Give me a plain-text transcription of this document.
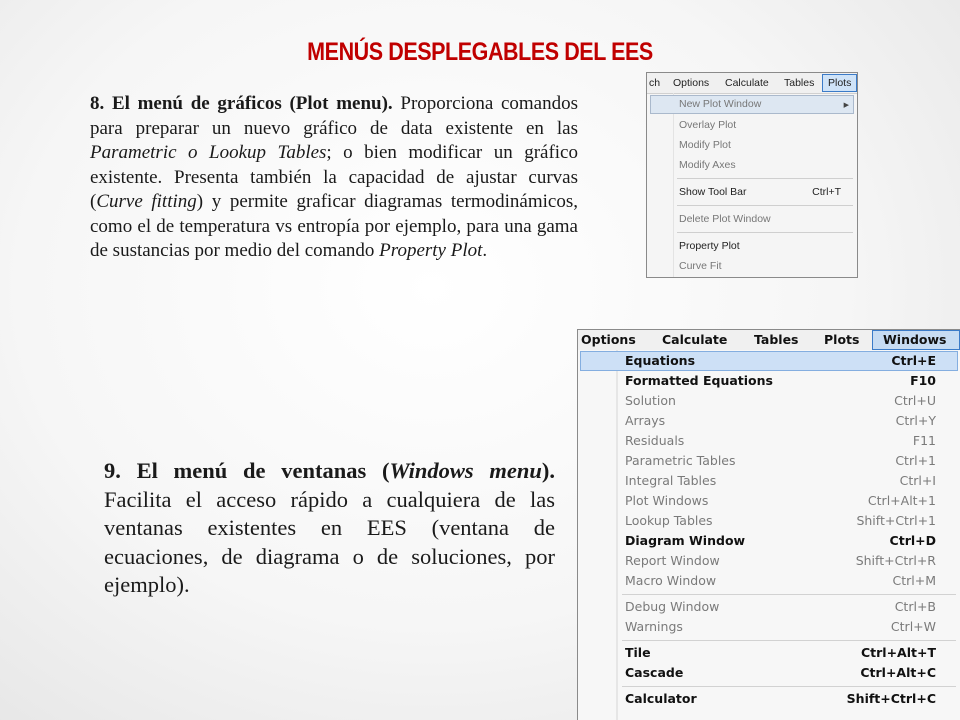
MENÚS DESPLEGABLES DEL EES
8. El menú de gráficos (Plot menu). Proporciona comandos para preparar un nuevo gráfico de data existente en las Parametric o Lookup Tables; o bien modificar un gráfico existente. Presenta también la capacidad de ajustar curvas (Curve fitting) y permite graficar diagramas termodinámicos, como el de temperatura vs entropía por ejemplo, para una gama de sustancias por medio del comando Property Plot.
9. El menú de ventanas (Windows menu). Facilita el acceso rápido a cualquiera de las ventanas existentes en EES (ventana de ecuaciones, de diagrama o de soluciones, por ejemplo).
ch Options Calculate Tables	Plots
New Plot Window	▶
Overlay Plot
Modify Plot
Modify Axes
Show Tool Bar	Ctrl+T
Delete Plot Window
Property Plot
Curve Fit
Options Calculate Tables Plots	Windows
Equations	Ctrl+E
Formatted Equations	F10
Solution	Ctrl+U
Arrays	Ctrl+Y
Residuals	F11
Parametric Tables	Ctrl+1
Integral Tables	Ctrl+I
Plot Windows	Ctrl+Alt+1
Lookup Tables	Shift+Ctrl+1
Diagram Window	Ctrl+D
Report Window	Shift+Ctrl+R
Macro Window	Ctrl+M
Debug Window	Ctrl+B
Warnings	Ctrl+W
Tile	Ctrl+Alt+T
Cascade	Ctrl+Alt+C
Calculator	Shift+Ctrl+C
